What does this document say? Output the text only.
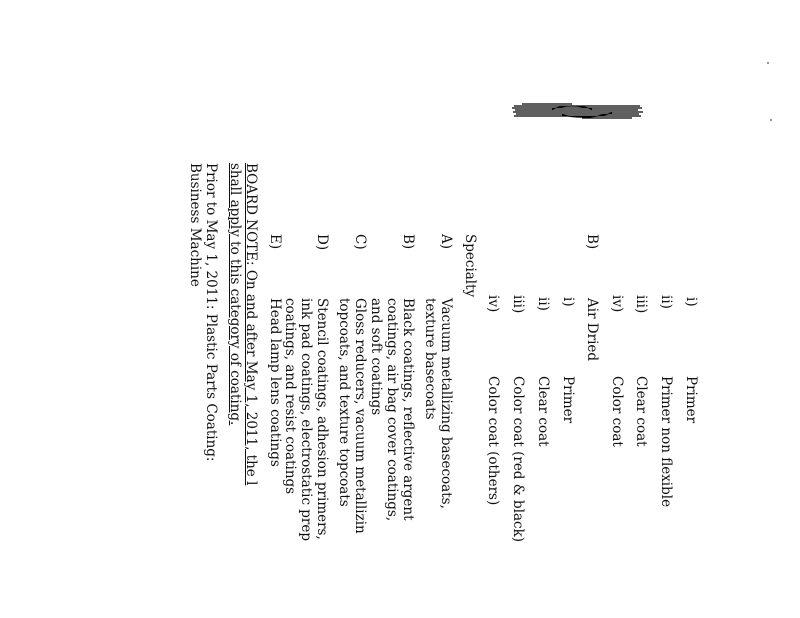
i)
Primer
ii)
Primer non flexible
iii)
Clear coat
iv)
Color coat
B)
Air Dried
i)
Primer
ii)
Clear coat
iii)
Color coat (red & black)
iv)
Color coat (others)
Specialty
A)
Vacuum metallizing basecoats,
texture basecoats
B)
Black coatings, reflective argent
coatings, air bag cover coatings,
and soft coatings
C)
Gloss reducers, vacuum metallizin
topcoats, and texture topcoats
D)
Stencil coatings, adhesion primers,
ink pad coatings, electrostatic prep
coatings, and resist coatings
E)
Head lamp lens coatings
BOARD NOTE: On and after May 1, 2011, the l
shall apply to this category of coating.
Prior to May 1, 2011: Plastic Parts Coating:
Business Machine
